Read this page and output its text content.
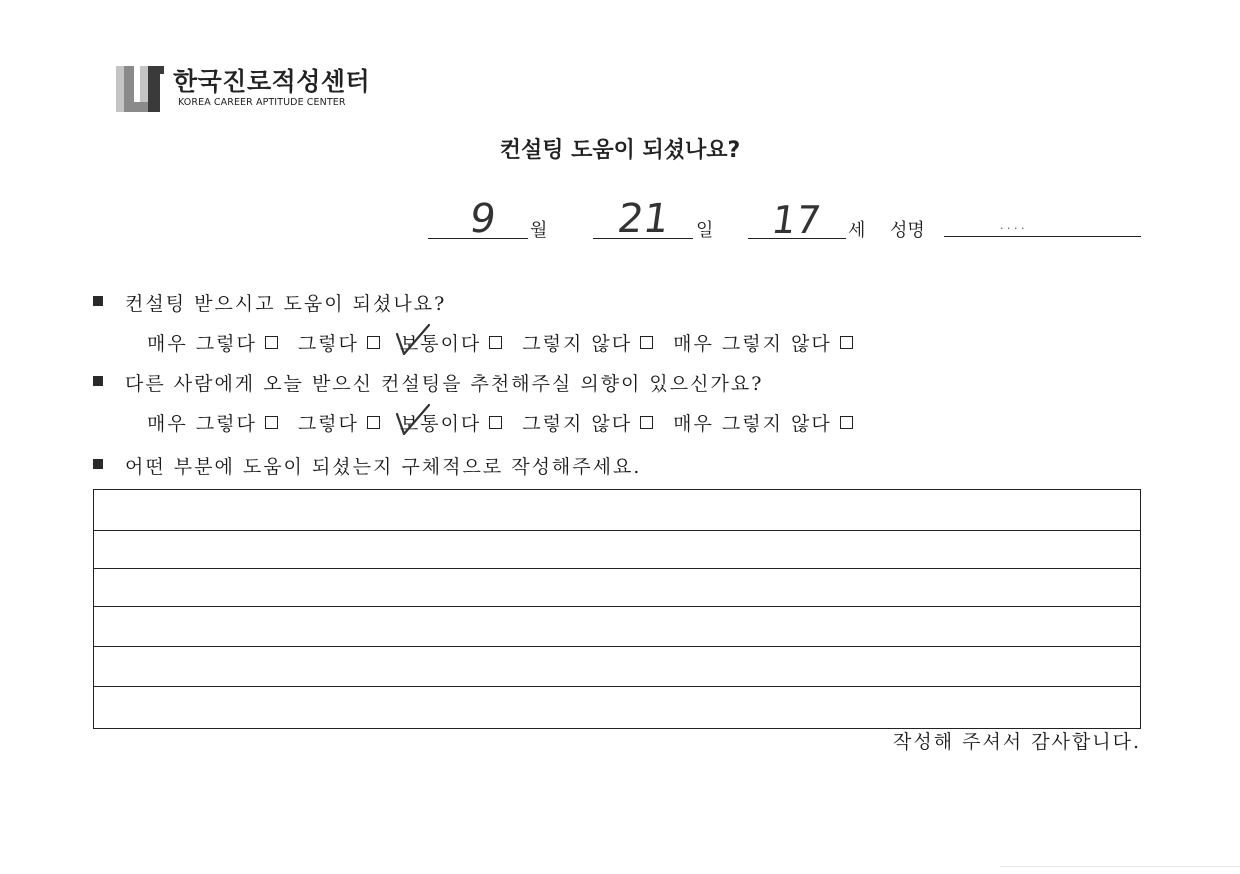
한국진로적성센터
KOREA CAREER APTITUDE CENTER
컨설팅 도움이 되셨나요?
9 월 21 일 17 세 성명	· · · ·
컨설팅 받으시고 도움이 되셨나요?
매우 그렇다 그렇다 보통이다 그렇지 않다 매우 그렇지 않다
다른 사람에게 오늘 받으신 컨설팅을 추천해주실 의향이 있으신가요?
매우 그렇다 그렇다 보통이다 그렇지 않다 매우 그렇지 않다
어떤 부분에 도움이 되셨는지 구체적으로 작성해주세요.
작성해 주셔서 감사합니다.
